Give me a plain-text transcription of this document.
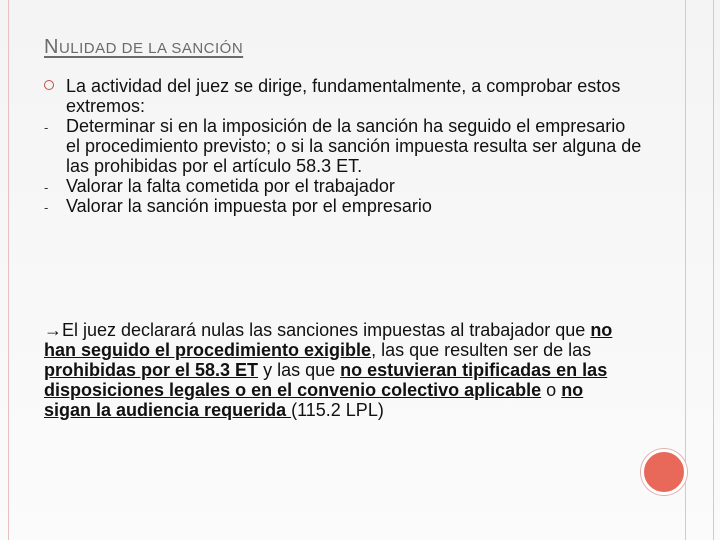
NULIDAD DE LA SANCIÓN
La actividad del juez se dirige, fundamentalmente, a comprobar estos extremos:
- Determinar si en la imposición de la sanción ha seguido el empresario el procedimiento previsto; o si la sanción impuesta resulta ser alguna de las prohibidas por el artículo 58.3 ET.
- Valorar la falta cometida por el trabajador
- Valorar la sanción impuesta por el empresario
→El juez declarará nulas las sanciones impuestas al trabajador que no han seguido el procedimiento exigible, las que resulten ser de las prohibidas por el 58.3 ET y las que no estuvieran tipificadas en las disposiciones legales o en el convenio colectivo aplicable o no sigan la audiencia requerida (115.2 LPL)
